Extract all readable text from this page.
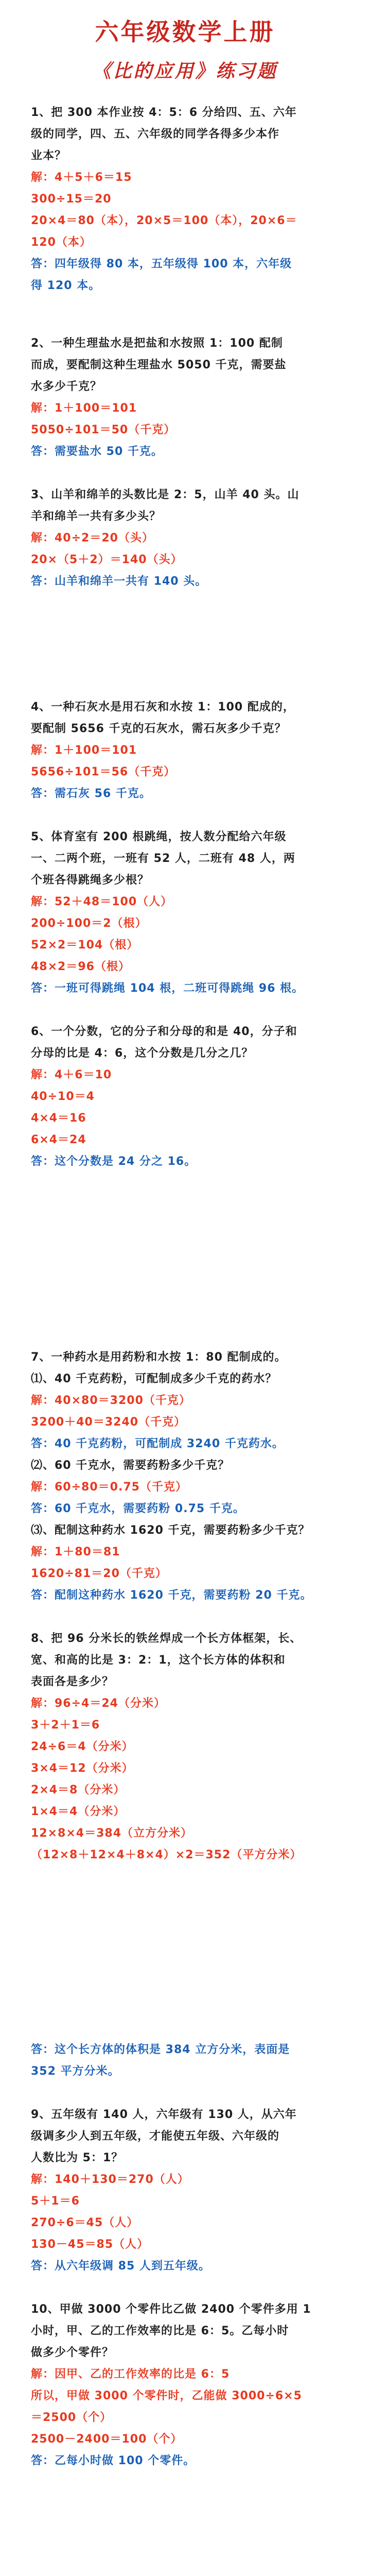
六年级数学上册
《比的应用》练习题
1、把 300 本作业按 4：5：6 分给四、五、六年
级的同学，四、五、六年级的同学各得多少本作
业本？
解：4＋5＋6＝15
300÷15＝20
20×4＝80（本），20×5＝100（本），20×6＝
120（本）
答：四年级得 80 本，五年级得 100 本，六年级
得 120 本。
2、一种生理盐水是把盐和水按照 1：100 配制
而成，要配制这种生理盐水 5050 千克，需要盐
水多少千克？
解：1＋100＝101
5050÷101＝50（千克）
答：需要盐水 50 千克。
3、山羊和绵羊的头数比是 2：5，山羊 40 头。山
羊和绵羊一共有多少头？
解：40÷2＝20（头）
20×（5＋2）＝140（头）
答：山羊和绵羊一共有 140 头。
4、一种石灰水是用石灰和水按 1：100 配成的，
要配制 5656 千克的石灰水，需石灰多少千克？
解：1＋100＝101
5656÷101＝56（千克）
答：需石灰 56 千克。
5、体育室有 200 根跳绳，按人数分配给六年级
一、二两个班，一班有 52 人，二班有 48 人，两
个班各得跳绳多少根？
解：52＋48＝100（人）
200÷100＝2（根）
52×2＝104（根）
48×2＝96（根）
答：一班可得跳绳 104 根，二班可得跳绳 96 根。
6、一个分数，它的分子和分母的和是 40，分子和
分母的比是 4：6，这个分数是几分之几？
解：4＋6＝10
40÷10＝4
4×4＝16
6×4＝24
答：这个分数是 24 分之 16。
7、一种药水是用药粉和水按 1：80 配制成的。
⑴、40 千克药粉，可配制成多少千克的药水？
解：40×80＝3200（千克）
3200＋40＝3240（千克）
答：40 千克药粉，可配制成 3240 千克药水。
⑵、60 千克水，需要药粉多少千克？
解：60÷80＝0.75（千克）
答：60 千克水，需要药粉 0.75 千克。
⑶、配制这种药水 1620 千克，需要药粉多少千克？
解：1＋80＝81
1620÷81＝20（千克）
答：配制这种药水 1620 千克，需要药粉 20 千克。
8、把 96 分米长的铁丝焊成一个长方体框架，长、
宽、和高的比是 3：2：1，这个长方体的体积和
表面各是多少？
解：96÷4＝24（分米）
3＋2＋1＝6
24÷6＝4（分米）
3×4＝12（分米）
2×4＝8（分米）
1×4＝4（分米）
12×8×4＝384（立方分米）
（12×8＋12×4＋8×4）×2＝352（平方分米）
答：这个长方体的体积是 384 立方分米，表面是
352 平方分米。
9、五年级有 140 人，六年级有 130 人，从六年
级调多少人到五年级，才能使五年级、六年级的
人数比为 5：1？
解：140＋130＝270（人）
5＋1＝6
270÷6＝45（人）
130－45＝85（人）
答：从六年级调 85 人到五年级。
10、甲做 3000 个零件比乙做 2400 个零件多用 1
小时，甲、乙的工作效率的比是 6：5。乙每小时
做多少个零件？
解：因甲、乙的工作效率的比是 6：5
所以，甲做 3000 个零件时，乙能做 3000÷6×5
＝2500（个）
2500－2400＝100（个）
答：乙每小时做 100 个零件。
